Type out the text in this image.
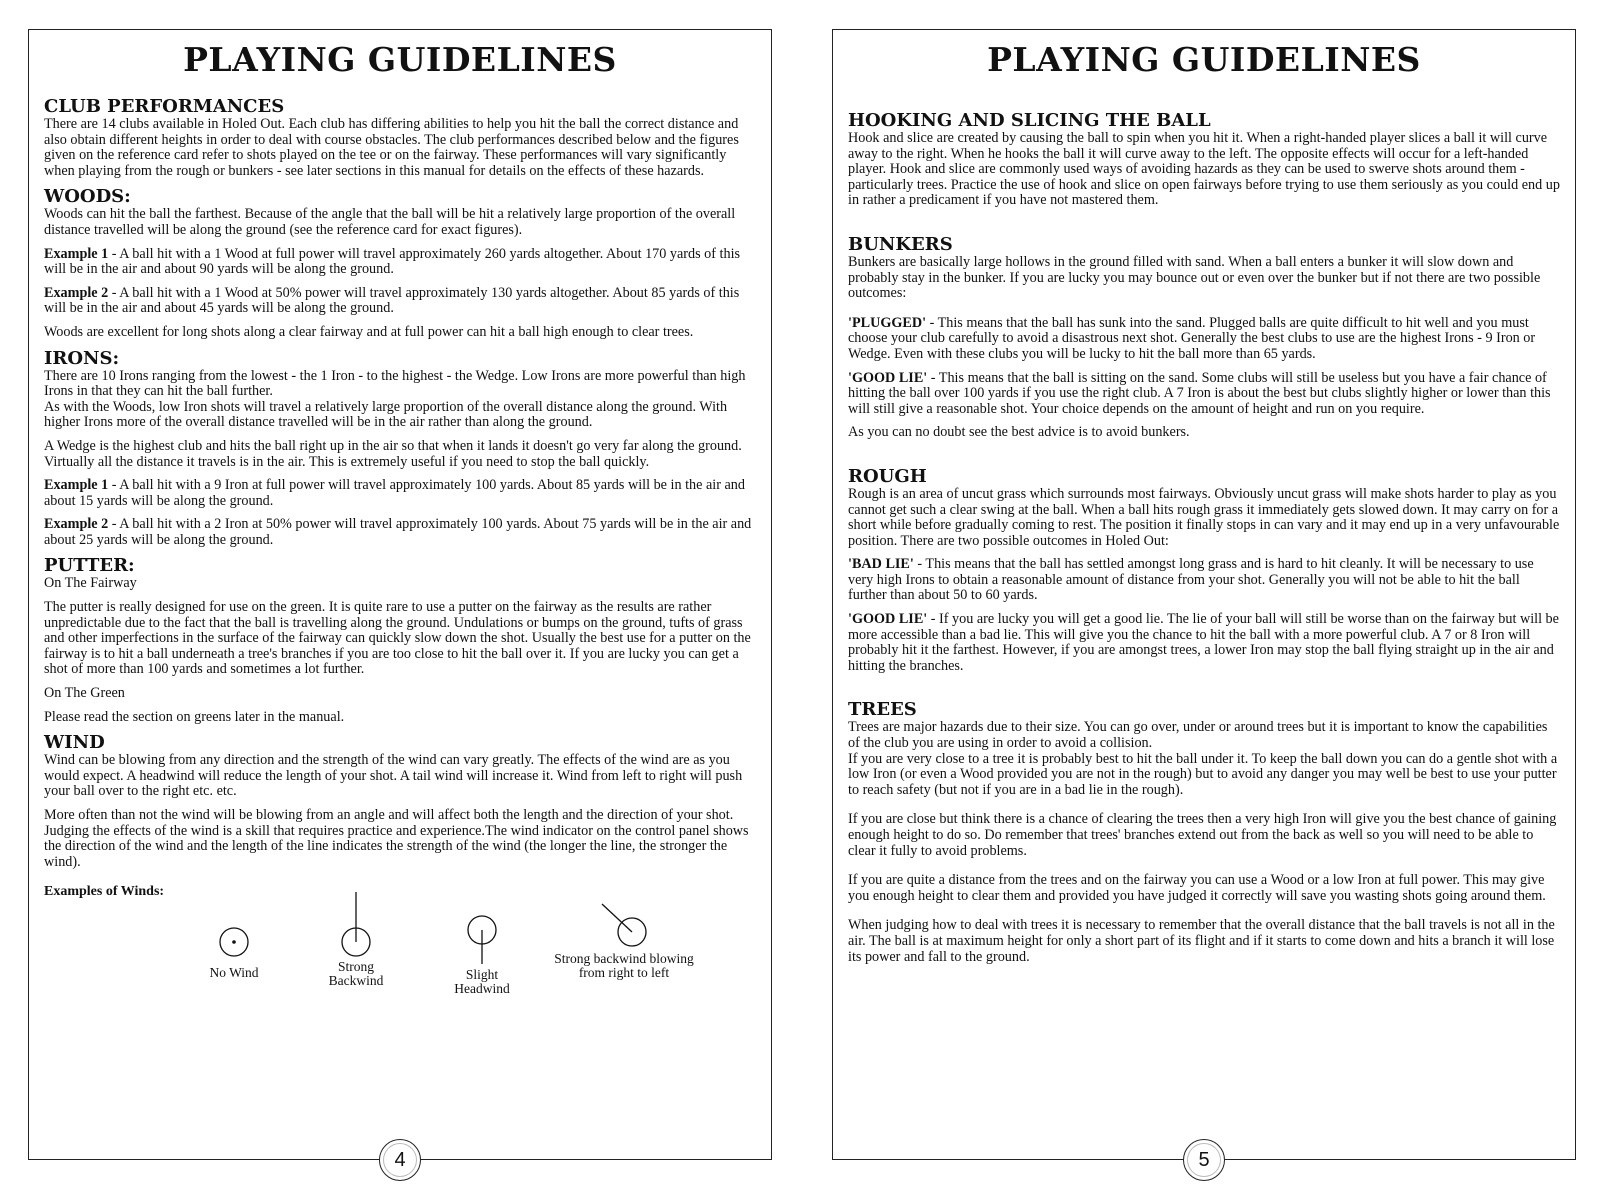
PLAYING GUIDELINES
CLUB PERFORMANCES

There are 14 clubs available in Holed Out. Each club has differing abilities to help you hit the ball the correct distance and also obtain different heights in order to deal with course obstacles. The club performances described below and the figures given on the reference card refer to shots played on the tee or on the fairway. These performances will vary significantly when playing from the rough or bunkers - see later sections in this manual for details on the effects of these hazards.

WOODS:

Woods can hit the ball the farthest. Because of the angle that the ball will be hit a relatively large proportion of the overall distance travelled will be along the ground (see the reference card for exact figures).

Example 1 - A ball hit with a 1 Wood at full power will travel approximately 260 yards altogether. About 170 yards of this will be in the air and about 90 yards will be along the ground.

Example 2 - A ball hit with a 1 Wood at 50% power will travel approximately 130 yards altogether. About 85 yards of this will be in the air and about 45 yards will be along the ground.

Woods are excellent for long shots along a clear fairway and at full power can hit a ball high enough to clear trees.

IRONS:

There are 10 Irons ranging from the lowest - the 1 Iron - to the highest - the Wedge. Low Irons are more powerful than high Irons in that they can hit the ball further.

As with the Woods, low Iron shots will travel a relatively large proportion of the overall distance along the ground. With higher Irons more of the overall distance travelled will be in the air rather than along the ground.

A Wedge is the highest club and hits the ball right up in the air so that when it lands it doesn't go very far along the ground. Virtually all the distance it travels is in the air. This is extremely useful if you need to stop the ball quickly.

Example 1 - A ball hit with a 9 Iron at full power will travel approximately 100 yards. About 85 yards will be in the air and about 15 yards will be along the ground.

Example 2 - A ball hit with a 2 Iron at 50% power will travel approximately 100 yards. About 75 yards will be in the air and about 25 yards will be along the ground.

PUTTER:

On The Fairway

The putter is really designed for use on the green. It is quite rare to use a putter on the fairway as the results are rather unpredictable due to the fact that the ball is travelling along the ground. Undulations or bumps on the ground, tufts of grass and other imperfections in the surface of the fairway can quickly slow down the shot. Usually the best use for a putter on the fairway is to hit a ball underneath a tree's branches if you are too close to hit the ball over it. If you are lucky you can get a shot of more than 100 yards and sometimes a lot further.

On The Green

Please read the section on greens later in the manual.

WIND

Wind can be blowing from any direction and the strength of the wind can vary greatly. The effects of the wind are as you would expect. A headwind will reduce the length of your shot. A tail wind will increase it. Wind from left to right will push your ball over to the right etc. etc.

More often than not the wind will be blowing from an angle and will affect both the length and the direction of your shot. Judging the effects of the wind is a skill that requires practice and experience.The wind indicator on the control panel shows the direction of the wind and the length of the line indicates the strength of the wind (the longer the line, the stronger the wind).

Examples of Winds:
No Wind	Strong
Backwind	Slight
Headwind
Strong backwind blowing
from right to left
4
PLAYING GUIDELINES
HOOKING AND SLICING THE BALL

Hook and slice are created by causing the ball to spin when you hit it. When a right-handed player slices a ball it will curve away to the right. When he hooks the ball it will curve away to the left. The opposite effects will occur for a left-handed player. Hook and slice are commonly used ways of avoiding hazards as they can be used to swerve shots around them - particularly trees. Practice the use of hook and slice on open fairways before trying to use them seriously as you could end up in rather a predicament if you have not mastered them.

BUNKERS

Bunkers are basically large hollows in the ground filled with sand. When a ball enters a bunker it will slow down and probably stay in the bunker. If you are lucky you may bounce out or even over the bunker but if not there are two possible outcomes:

'PLUGGED' - This means that the ball has sunk into the sand. Plugged balls are quite difficult to hit well and you must choose your club carefully to avoid a disastrous next shot. Generally the best clubs to use are the highest Irons - 9 Iron or Wedge. Even with these clubs you will be lucky to hit the ball more than 65 yards.

'GOOD LIE' - This means that the ball is sitting on the sand. Some clubs will still be useless but you have a fair chance of hitting the ball over 100 yards if you use the right club. A 7 Iron is about the best but clubs slightly higher or lower than this will still give a reasonable shot. Your choice depends on the amount of height and run on you require.

As you can no doubt see the best advice is to avoid bunkers.

ROUGH

Rough is an area of uncut grass which surrounds most fairways. Obviously uncut grass will make shots harder to play as you cannot get such a clear swing at the ball. When a ball hits rough grass it immediately gets slowed down. It may carry on for a short while before gradually coming to rest. The position it finally stops in can vary and it may end up in a very unfavourable position. There are two possible outcomes in Holed Out:

'BAD LIE' - This means that the ball has settled amongst long grass and is hard to hit cleanly. It will be necessary to use very high Irons to obtain a reasonable amount of distance from your shot. Generally you will not be able to hit the ball further than about 50 to 60 yards.

'GOOD LIE' - If you are lucky you will get a good lie. The lie of your ball will still be worse than on the fairway but will be more accessible than a bad lie. This will give you the chance to hit the ball with a more powerful club. A 7 or 8 Iron will probably hit it the farthest. However, if you are amongst trees, a lower Iron may stop the ball flying straight up in the air and hitting the branches.

TREES

Trees are major hazards due to their size. You can go over, under or around trees but it is important to know the capabilities of the club you are using in order to avoid a collision.

If you are very close to a tree it is probably best to hit the ball under it. To keep the ball down you can do a gentle shot with a low Iron (or even a Wood provided you are not in the rough) but to avoid any danger you may well be best to use your putter to reach safety (but not if you are in a bad lie in the rough).

If you are close but think there is a chance of clearing the trees then a very high Iron will give you the best chance of gaining enough height to do so. Do remember that trees' branches extend out from the back as well so you will need to be able to clear it fully to avoid problems.

If you are quite a distance from the trees and on the fairway you can use a Wood or a low Iron at full power. This may give you enough height to clear them and provided you have judged it correctly will save you wasting shots going around them.

When judging how to deal with trees it is necessary to remember that the overall distance that the ball travels is not all in the air. The ball is at maximum height for only a short part of its flight and if it starts to come down and hits a branch it will lose its power and fall to the ground.

5
